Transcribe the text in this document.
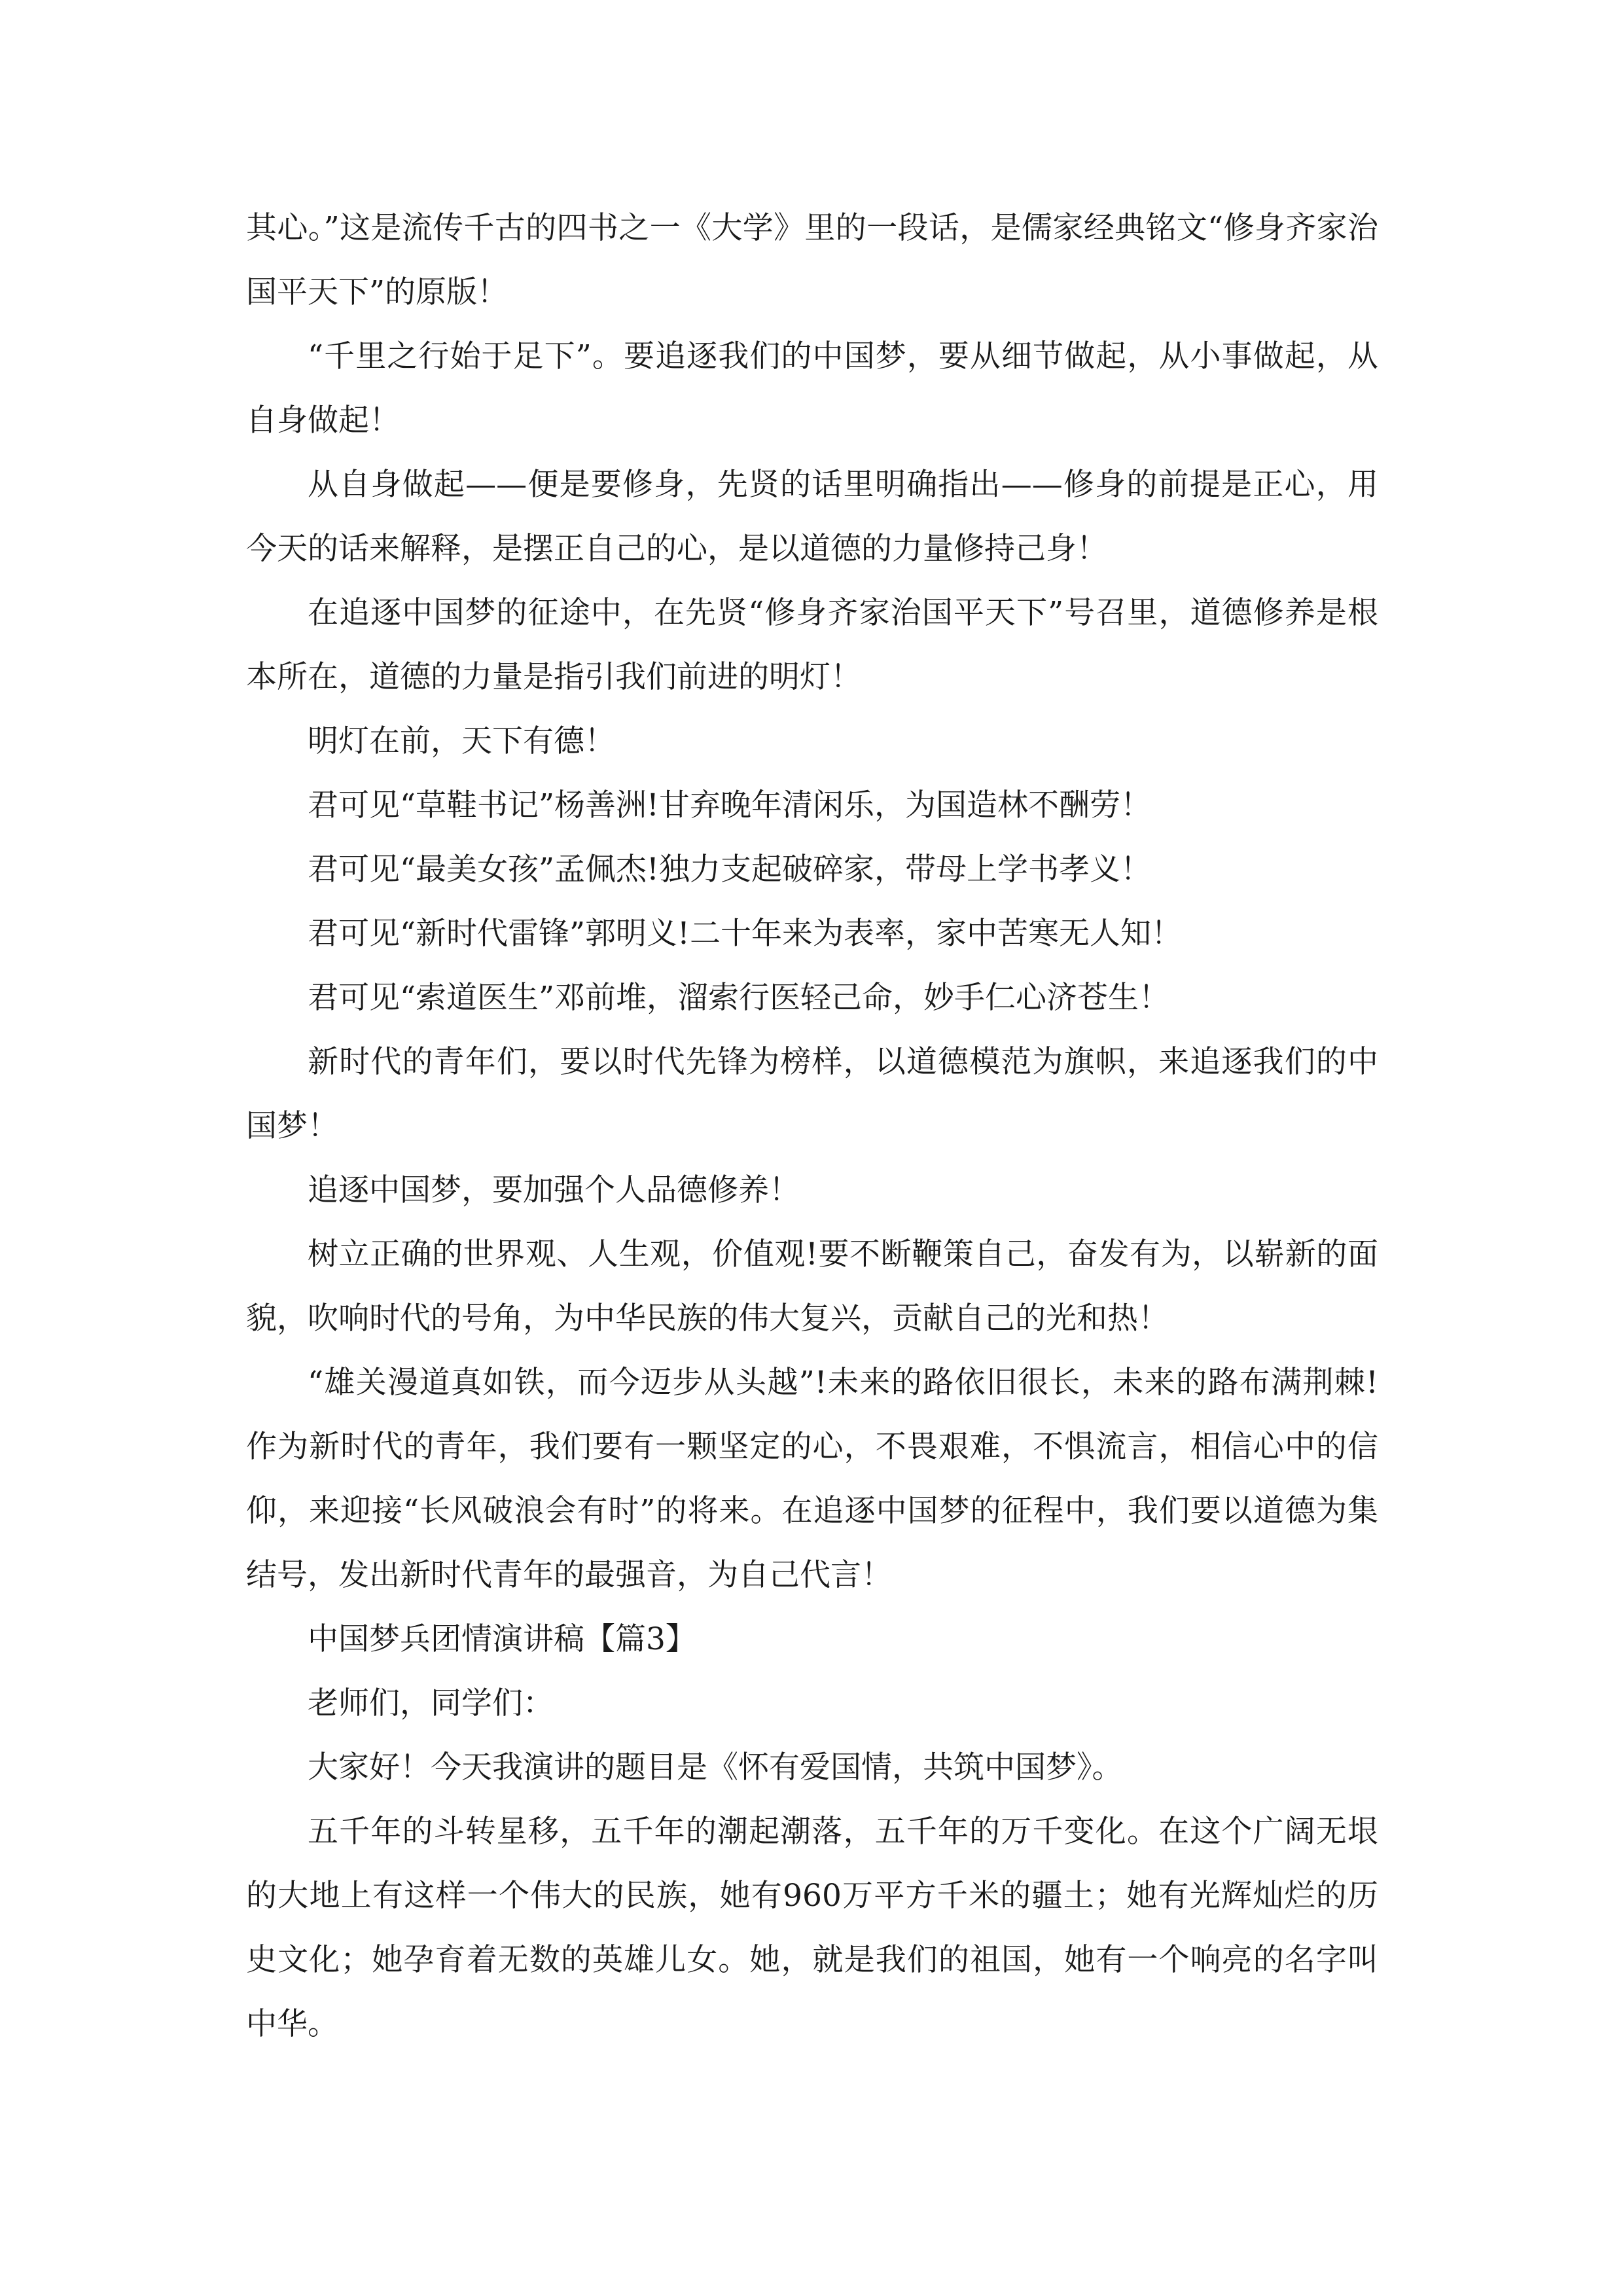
其心。”这是流传千古的四书之一《大学》里的一段话，是儒家经典铭文“修身齐家治国平天下”的原版！

“千里之行始于足下”。要追逐我们的中国梦，要从细节做起，从小事做起，从自身做起！

从自身做起——便是要修身，先贤的话里明确指出——修身的前提是正心，用今天的话来解释，是摆正自己的心，是以道德的力量修持己身！

在追逐中国梦的征途中，在先贤“修身齐家治国平天下”号召里，道德修养是根本所在，道德的力量是指引我们前进的明灯！

明灯在前，天下有德！

君可见“草鞋书记”杨善洲!甘弃晚年清闲乐，为国造林不酬劳！

君可见“最美女孩”孟佩杰!独力支起破碎家，带母上学书孝义！

君可见“新时代雷锋”郭明义!二十年来为表率，家中苦寒无人知！

君可见“索道医生”邓前堆，溜索行医轻己命，妙手仁心济苍生！

新时代的青年们，要以时代先锋为榜样，以道德模范为旗帜，来追逐我们的中国梦！

追逐中国梦，要加强个人品德修养！

树立正确的世界观、人生观，价值观!要不断鞭策自己，奋发有为，以崭新的面貌，吹响时代的号角，为中华民族的伟大复兴，贡献自己的光和热！

“雄关漫道真如铁，而今迈步从头越”!未来的路依旧很长，未来的路布满荆棘!作为新时代的青年，我们要有一颗坚定的心，不畏艰难，不惧流言，相信心中的信仰，来迎接“长风破浪会有时”的将来。在追逐中国梦的征程中，我们要以道德为集结号，发出新时代青年的最强音，为自己代言！

中国梦兵团情演讲稿【篇3】

老师们，同学们：

大家好！今天我演讲的题目是《怀有爱国情，共筑中国梦》。

五千年的斗转星移，五千年的潮起潮落，五千年的万千变化。在这个广阔无垠的大地上有这样一个伟大的民族，她有960万平方千米的疆土；她有光辉灿烂的历史文化；她孕育着无数的英雄儿女。她，就是我们的祖国，她有一个响亮的名字叫中华。
